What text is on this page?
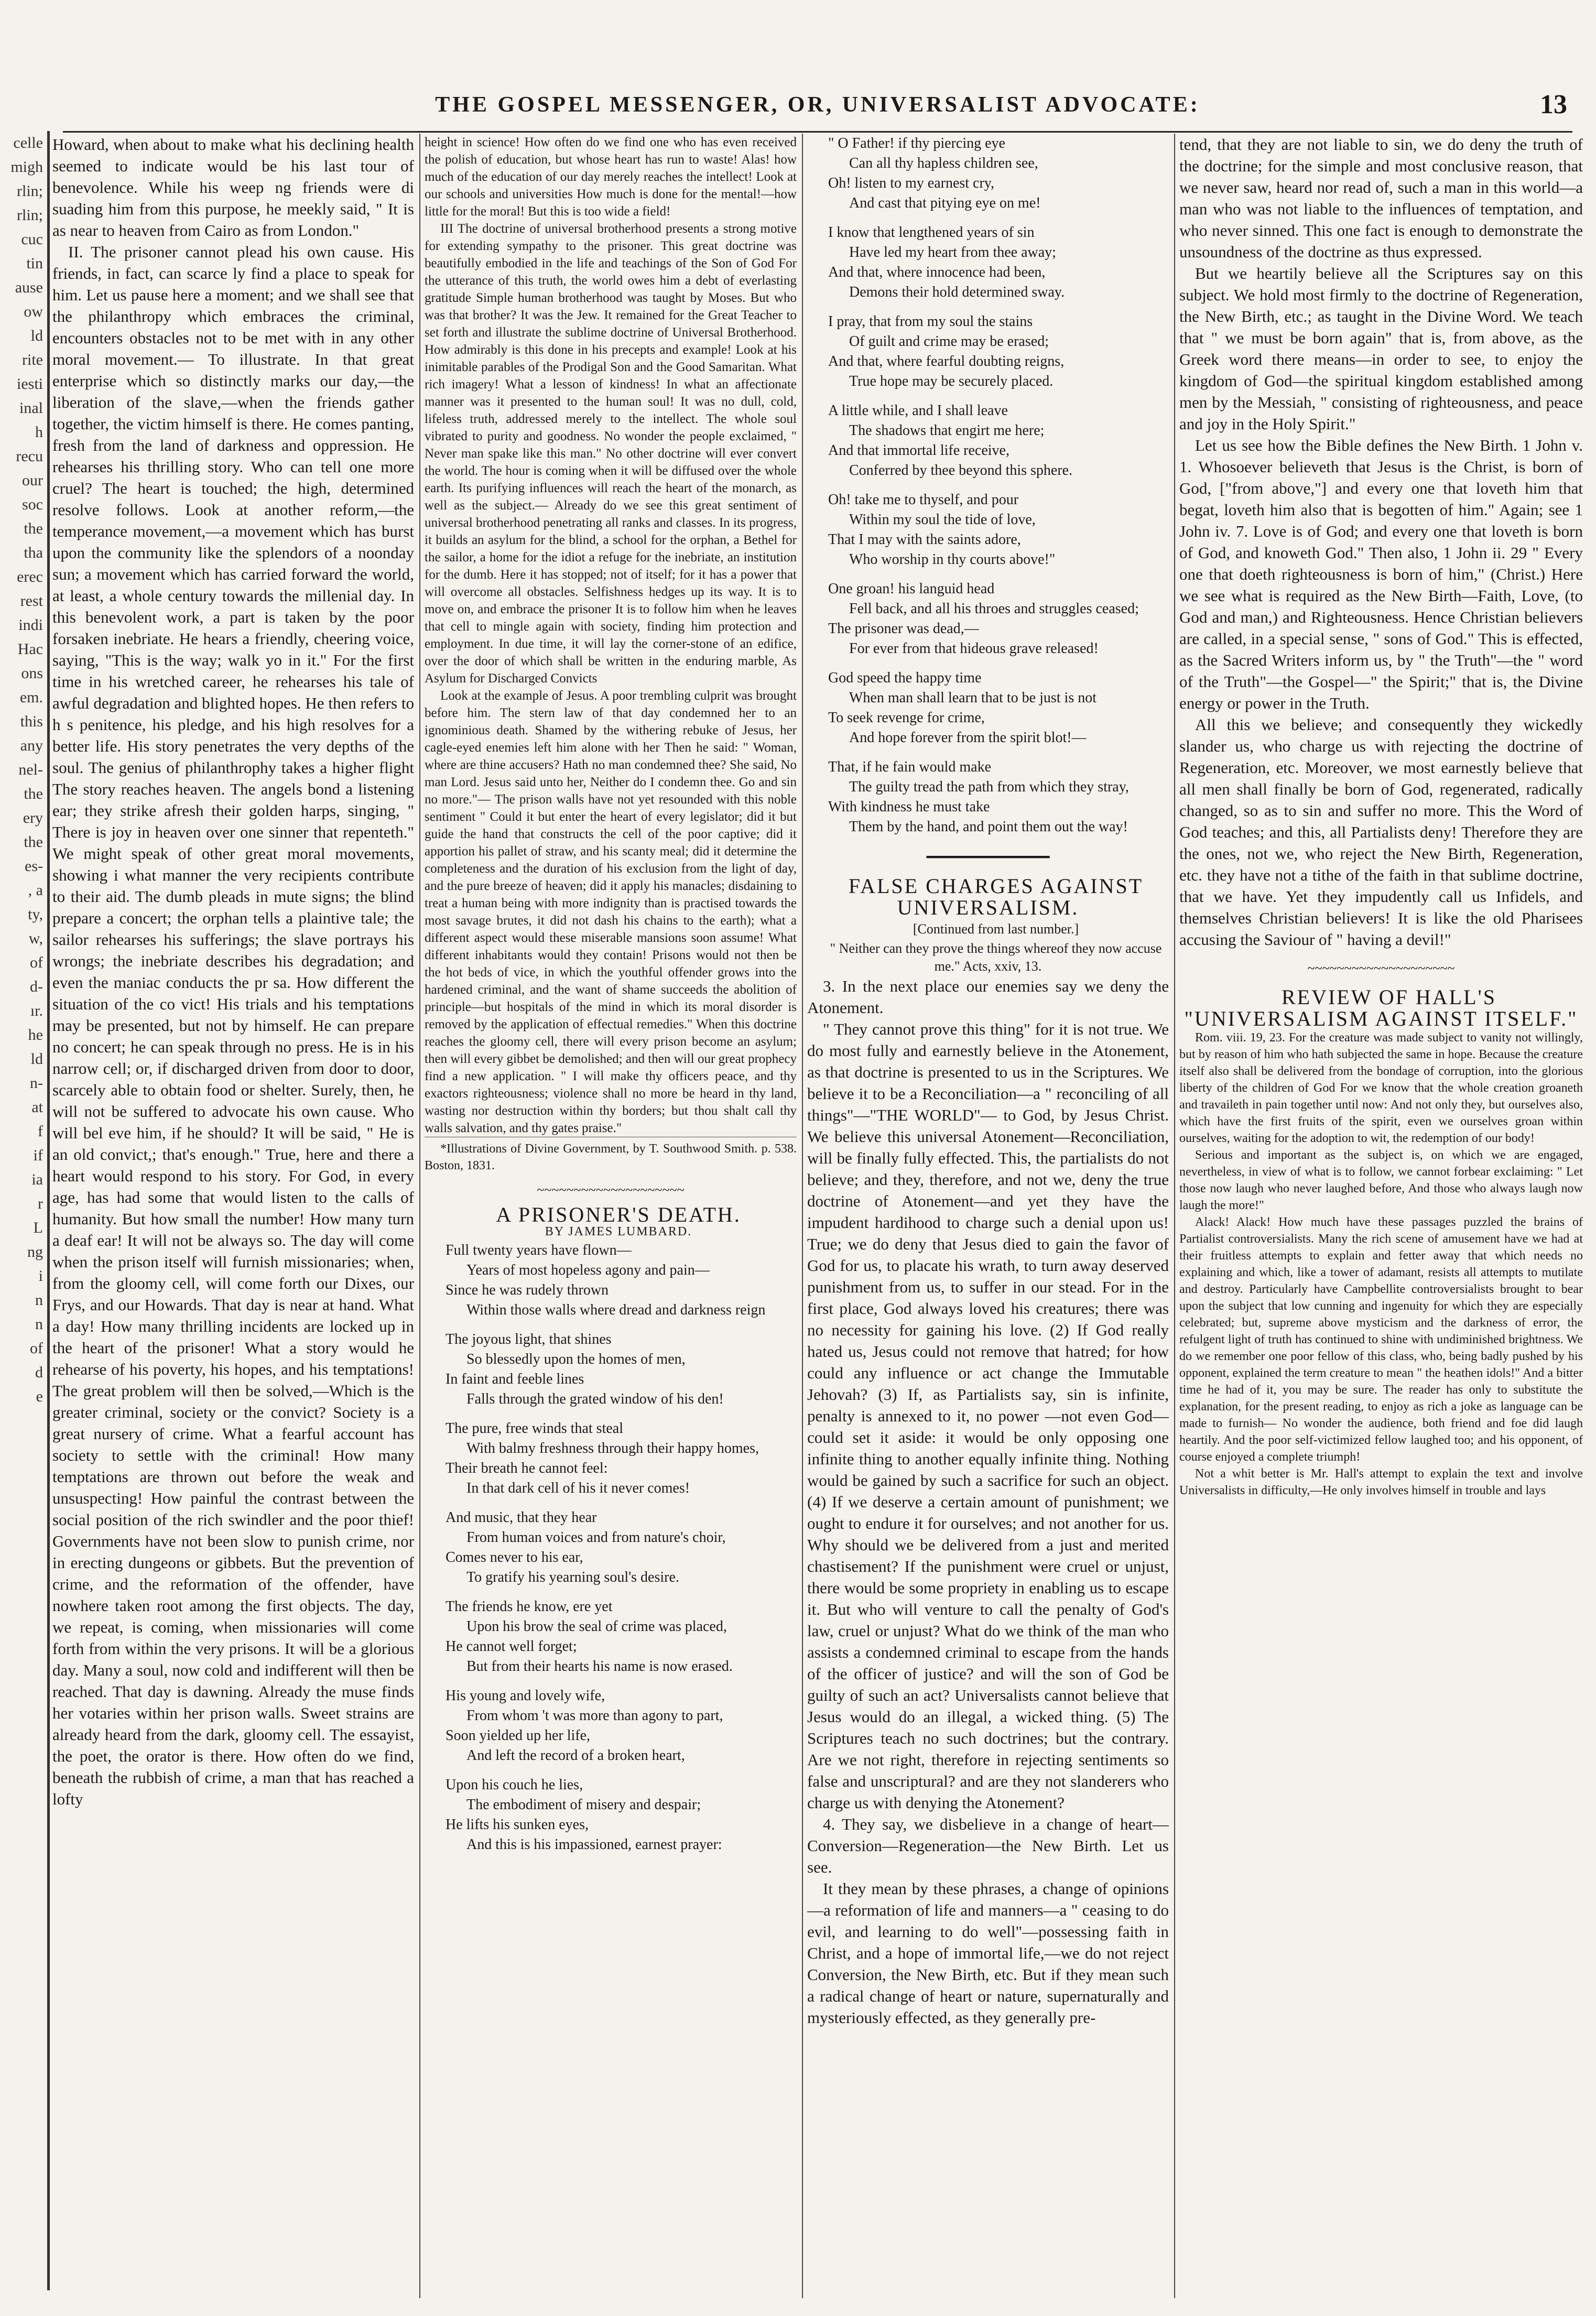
THE GOSPEL MESSENGER, OR, UNIVERSALIST ADVOCATE:	13
celle
migh
rlin;
rlin;
cuc
tin
ause
ow
ld
rite
iesti
inal
h
recu
our
soc
the
tha
erec
rest
indi
Hac
ons
em.
this
any
nel-
the
ery
the
es-
, a
ty,
w,
of
d-
ır.
he
ld
n-
at
f
if
ia
r
L
ng
i
n
n
of
d
e

Howard, when about to make what his declining health seemed to indicate would be his last tour of benevolence. While his weep ng friends were di suading him from this purpose, he meekly said, " It is as near to heaven from Cairo as from London."

II. The prisoner cannot plead his own cause. His friends, in fact, can scarce ly find a place to speak for him. Let us pause here a moment; and we shall see that the philanthropy which embraces the criminal, encounters obstacles not to be met with in any other moral movement.— To illustrate. In that great enterprise which so distinctly marks our day,—the liberation of the slave,—when the friends gather together, the victim himself is there. He comes panting, fresh from the land of darkness and oppression. He rehearses his thrilling story. Who can tell one more cruel? The heart is touched; the high, determined resolve follows. Look at another reform,—the temperance movement,—a movement which has burst upon the community like the splendors of a noonday sun; a movement which has carried forward the world, at least, a whole century towards the millenial day. In this benevolent work, a part is taken by the poor forsaken inebriate. He hears a friendly, cheering voice, saying, "This is the way; walk yo in it." For the first time in his wretched career, he rehearses his tale of awful degradation and blighted hopes. He then refers to h s penitence, his pledge, and his high resolves for a better life. His story penetrates the very depths of the soul. The genius of philanthrophy takes a higher flight The story reaches heaven. The angels bond a listening ear; they strike afresh their golden harps, singing, " There is joy in heaven over one sinner that repenteth." We might speak of other great moral movements, showing i what manner the very recipients contribute to their aid. The dumb pleads in mute signs; the blind prepare a concert; the orphan tells a plaintive tale; the sailor rehearses his sufferings; the slave portrays his wrongs; the inebriate describes his degradation; and even the maniac conducts the pr sa. How different the situation of the co vict! His trials and his temptations may be presented, but not by himself. He can prepare no concert; he can speak through no press. He is in his narrow cell; or, if discharged driven from door to door, scarcely able to obtain food or shelter. Surely, then, he will not be suffered to advocate his own cause. Who will bel eve him, if he should? It will be said, " He is an old convict,; that's enough." True, here and there a heart would respond to his story. For God, in every age, has had some that would listen to the calls of humanity. But how small the number! How many turn a deaf ear! It will not be always so. The day will come when the prison itself will furnish missionaries; when, from the gloomy cell, will come forth our Dixes, our Frys, and our Howards. That day is near at hand. What a day! How many thrilling incidents are locked up in the heart of the prisoner! What a story would he rehearse of his poverty, his hopes, and his temptations! The great problem will then be solved,—Which is the greater criminal, society or the convict? Society is a great nursery of crime. What a fearful account has society to settle with the criminal! How many temptations are thrown out before the weak and unsuspecting! How painful the contrast between the social position of the rich swindler and the poor thief! Governments have not been slow to punish crime, nor in erecting dungeons or gibbets. But the prevention of crime, and the reformation of the offender, have nowhere taken root among the first objects. The day, we repeat, is coming, when missionaries will come forth from within the very prisons. It will be a glorious day. Many a soul, now cold and indifferent will then be reached. That day is dawning. Already the muse finds her votaries within her prison walls. Sweet strains are already heard from the dark, gloomy cell. The essayist, the poet, the orator is there. How often do we find, beneath the rubbish of crime, a man that has reached a lofty

height in science! How often do we find one who has even received the polish of education, but whose heart has run to waste! Alas! how much of the education of our day merely reaches the intellect! Look at our schools and universities How much is done for the mental!—how little for the moral! But this is too wide a field!

III The doctrine of universal brotherhood presents a strong motive for extending sympathy to the prisoner. This great doctrine was beautifully embodied in the life and teachings of the Son of God For the utterance of this truth, the world owes him a debt of everlasting gratitude Simple human brotherhood was taught by Moses. But who was that brother? It was the Jew. It remained for the Great Teacher to set forth and illustrate the sublime doctrine of Universal Brotherhood. How admirably is this done in his precepts and example! Look at his inimitable parables of the Prodigal Son and the Good Samaritan. What rich imagery! What a lesson of kindness! In what an affectionate manner was it presented to the human soul! It was no dull, cold, lifeless truth, addressed merely to the intellect. The whole soul vibrated to purity and goodness. No wonder the people exclaimed, " Never man spake like this man." No other doctrine will ever convert the world. The hour is coming when it will be diffused over the whole earth. Its purifying influences will reach the heart of the monarch, as well as the subject.— Already do we see this great sentiment of universal brotherhood penetrating all ranks and classes. In its progress, it builds an asylum for the blind, a school for the orphan, a Bethel for the sailor, a home for the idiot a refuge for the inebriate, an institution for the dumb. Here it has stopped; not of itself; for it has a power that will overcome all obstacles. Selfishness hedges up its way. It is to move on, and embrace the prisoner It is to follow him when he leaves that cell to mingle again with society, finding him protection and employment. In due time, it will lay the corner-stone of an edifice, over the door of which shall be written in the enduring marble, As Asylum for Discharged Convicts

Look at the example of Jesus. A poor trembling culprit was brought before him. The stern law of that day condemned her to an ignominious death. Shamed by the withering rebuke of Jesus, her cagle-eyed enemies left him alone with her Then he said: " Woman, where are thine accusers? Hath no man condemned thee? She said, No man Lord. Jesus said unto her, Neither do I condemn thee. Go and sin no more."— The prison walls have not yet resounded with this noble sentiment " Could it but enter the heart of every legislator; did it but guide the hand that constructs the cell of the poor captive; did it apportion his pallet of straw, and his scanty meal; did it determine the completeness and the duration of his exclusion from the light of day, and the pure breeze of heaven; did it apply his manacles; disdaining to treat a human being with more indignity than is practised towards the most savage brutes, it did not dash his chains to the earth); what a different aspect would these miserable mansions soon assume! What different inhabitants would they contain! Prisons would not then be the hot beds of vice, in which the youthful offender grows into the hardened criminal, and the want of shame succeeds the abolition of principle—but hospitals of the mind in which its moral disorder is removed by the application of effectual remedies." When this doctrine reaches the gloomy cell, there will every prison become an asylum; then will every gibbet be demolished; and then will our great prophecy find a new application. " I will make thy officers peace, and thy exactors righteousness; violence shall no more be heard in thy land, wasting nor destruction within thy borders; but thou shalt call thy walls salvation, and thy gates praise."

*Illustrations of Divine Government, by T. Southwood Smith. p. 538. Boston, 1831.

~~~~~~~~~~~~~~~~~~~~

A PRISONER'S DEATH.

BY JAMES LUMBARD.

Full twenty years have flown—
Years of most hopeless agony and pain—
Since he was rudely thrown
Within those walls where dread and darkness reign
The joyous light, that shines
So blessedly upon the homes of men,
In faint and feeble lines
Falls through the grated window of his den!
The pure, free winds that steal
With balmy freshness through their happy homes,
Their breath he cannot feel:
In that dark cell of his it never comes!
And music, that they hear
From human voices and from nature's choir,
Comes never to his ear,
To gratify his yearning soul's desire.
The friends he know, ere yet
Upon his brow the seal of crime was placed,
He cannot well forget;
But from their hearts his name is now erased.
His young and lovely wife,
From whom 't was more than agony to part,
Soon yielded up her life,
And left the record of a broken heart,
Upon his couch he lies,
The embodiment of misery and despair;
He lifts his sunken eyes,
And this is his impassioned, earnest prayer:
" O Father! if thy piercing eye
Can all thy hapless children see,
Oh! listen to my earnest cry,
And cast that pitying eye on me!
I know that lengthened years of sin
Have led my heart from thee away;
And that, where innocence had been,
Demons their hold determined sway.
I pray, that from my soul the stains
Of guilt and crime may be erased;
And that, where fearful doubting reigns,
True hope may be securely placed.
A little while, and I shall leave
The shadows that engirt me here;
And that immortal life receive,
Conferred by thee beyond this sphere.
Oh! take me to thyself, and pour
Within my soul the tide of love,
That I may with the saints adore,
Who worship in thy courts above!"
One groan! his languid head
Fell back, and all his throes and struggles ceased;
The prisoner was dead,—
For ever from that hideous grave released!
God speed the happy time
When man shall learn that to be just is not
To seek revenge for crime,
And hope forever from the spirit blot!—
That, if he fain would make
The guilty tread the path from which they stray,
With kindness he must take
Them by the hand, and point them out the way!
━━━━━━━━━━━━━━━

FALSE CHARGES AGAINST UNIVERSALISM.

[Continued from last number.]

" Neither can they prove the things whereof they now accuse me." Acts, xxiv, 13.

3. In the next place our enemies say we deny the Atonement.

" They cannot prove this thing" for it is not true. We do most fully and earnestly believe in the Atonement, as that doctrine is presented to us in the Scriptures. We believe it to be a Reconciliation—a " reconciling of all things"—"THE WORLD"— to God, by Jesus Christ. We believe this universal Atonement—Reconciliation, will be finally fully effected. This, the partialists do not believe; and they, therefore, and not we, deny the true doctrine of Atonement—and yet they have the impudent hardihood to charge such a denial upon us! True; we do deny that Jesus died to gain the favor of God for us, to placate his wrath, to turn away deserved punishment from us, to suffer in our stead. For in the first place, God always loved his creatures; there was no necessity for gaining his love. (2) If God really hated us, Jesus could not remove that hatred; for how could any influence or act change the Immutable Jehovah? (3) If, as Partialists say, sin is infinite, penalty is annexed to it, no power —not even God—could set it aside: it would be only opposing one infinite thing to another equally infinite thing. Nothing would be gained by such a sacrifice for such an object. (4) If we deserve a certain amount of punishment; we ought to endure it for ourselves; and not another for us. Why should we be delivered from a just and merited chastisement? If the punishment were cruel or unjust, there would be some propriety in enabling us to escape it. But who will venture to call the penalty of God's law, cruel or unjust? What do we think of the man who assists a condemned criminal to escape from the hands of the officer of justice? and will the son of God be guilty of such an act? Universalists cannot believe that Jesus would do an illegal, a wicked thing. (5) The Scriptures teach no such doctrines; but the contrary. Are we not right, therefore in rejecting sentiments so false and unscriptural? and are they not slanderers who charge us with denying the Atonement?

4. They say, we disbelieve in a change of heart—Conversion—Regeneration—the New Birth. Let us see.

It they mean by these phrases, a change of opinions—a reformation of life and manners—a " ceasing to do evil, and learning to do well"—possessing faith in Christ, and a hope of immortal life,—we do not reject Conversion, the New Birth, etc. But if they mean such a radical change of heart or nature, supernaturally and mysteriously effected, as they generally pre-

tend, that they are not liable to sin, we do deny the truth of the doctrine; for the simple and most conclusive reason, that we never saw, heard nor read of, such a man in this world—a man who was not liable to the influences of temptation, and who never sinned. This one fact is enough to demonstrate the unsoundness of the doctrine as thus expressed.

But we heartily believe all the Scriptures say on this subject. We hold most firmly to the doctrine of Regeneration, the New Birth, etc.; as taught in the Divine Word. We teach that " we must be born again" that is, from above, as the Greek word there means—in order to see, to enjoy the kingdom of God—the spiritual kingdom established among men by the Messiah, " consisting of righteousness, and peace and joy in the Holy Spirit."

Let us see how the Bible defines the New Birth. 1 John v. 1. Whosoever believeth that Jesus is the Christ, is born of God, ["from above,"] and every one that loveth him that begat, loveth him also that is begotten of him." Again; see 1 John iv. 7. Love is of God; and every one that loveth is born of God, and knoweth God." Then also, 1 John ii. 29 " Every one that doeth righteousness is born of him," (Christ.) Here we see what is required as the New Birth—Faith, Love, (to God and man,) and Righteousness. Hence Christian believers are called, in a special sense, " sons of God." This is effected, as the Sacred Writers inform us, by " the Truth"—the " word of the Truth"—the Gospel—" the Spirit;" that is, the Divine energy or power in the Truth.

All this we believe; and consequently they wickedly slander us, who charge us with rejecting the doctrine of Regeneration, etc. Moreover, we most earnestly believe that all men shall finally be born of God, regenerated, radically changed, so as to sin and suffer no more. This the Word of God teaches; and this, all Partialists deny! Therefore they are the ones, not we, who reject the New Birth, Regeneration, etc. they have not a tithe of the faith in that sublime doctrine, that we have. Yet they impudently call us Infidels, and themselves Christian believers! It is like the old Pharisees accusing the Saviour of " having a devil!"

~~~~~~~~~~~~~~~~~~~~

REVIEW OF HALL'S "UNIVERSALISM AGAINST ITSELF."

Rom. viii. 19, 23. For the creature was made subject to vanity not willingly, but by reason of him who hath subjected the same in hope. Because the creature itself also shall be delivered from the bondage of corruption, into the glorious liberty of the children of God For we know that the whole creation groaneth and travaileth in pain together until now: And not only they, but ourselves also, which have the first fruits of the spirit, even we ourselves groan within ourselves, waiting for the adoption to wit, the redemption of our body!

Serious and important as the subject is, on which we are engaged, nevertheless, in view of what is to follow, we cannot forbear exclaiming: " Let those now laugh who never laughed before, And those who always laugh now laugh the more!"

Alack! Alack! How much have these passages puzzled the brains of Partialist controversialists. Many the rich scene of amusement have we had at their fruitless attempts to explain and fetter away that which needs no explaining and which, like a tower of adamant, resists all attempts to mutilate and destroy. Particularly have Campbellite controversialists brought to bear upon the subject that low cunning and ingenuity for which they are especially celebrated; but, supreme above mysticism and the darkness of error, the refulgent light of truth has continued to shine with undiminished brightness. We do we remember one poor fellow of this class, who, being badly pushed by his opponent, explained the term creature to mean " the heathen idols!" And a bitter time he had of it, you may be sure. The reader has only to substitute the explanation, for the present reading, to enjoy as rich a joke as language can be made to furnish— No wonder the audience, both friend and foe did laugh heartily. And the poor self-victimized fellow laughed too; and his opponent, of course enjoyed a complete triumph!

Not a whit better is Mr. Hall's attempt to explain the text and involve Universalists in difficulty,—He only involves himself in trouble and lays
